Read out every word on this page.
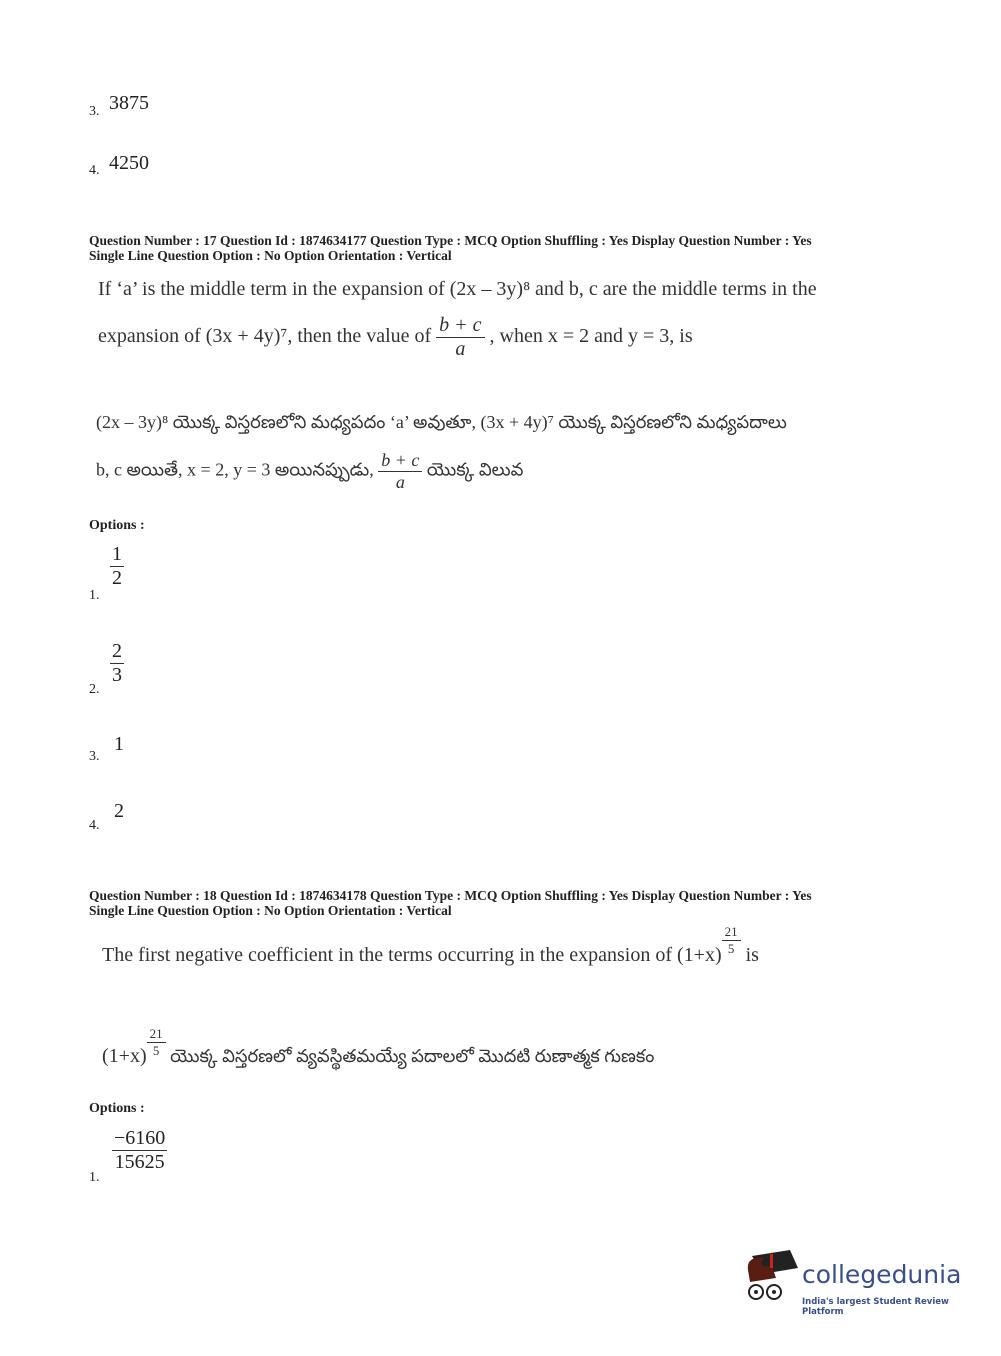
3. 3875
4. 4250
Question Number : 17 Question Id : 1874634177 Question Type : MCQ Option Shuffling : Yes Display Question Number : Yes
Single Line Question Option : No Option Orientation : Vertical
If ‘a’ is the middle term in the expansion of (2x – 3y)⁸ and b, c are the middle terms in the
expansion of (3x + 4y)⁷, then the value of $\frac{b + c}{a}$ , when x = 2 and y = 3, is
(2x – 3y)⁸ యొక్క విస్తరణలోని మధ్యపదం ‘a’ అవుతూ, (3x + 4y)⁷ యొక్క విస్తరణలోని మధ్యపదాలు
b, c అయితే, x = 2, y = 3 అయినప్పుడు, $\frac{b + c}{a}$ యొక్క విలువ
Options :
1.
$\frac{1}{2}$
2.
$\frac{2}{3}$
3.
1
4.
2
Question Number : 18 Question Id : 1874634178 Question Type : MCQ Option Shuffling : Yes Display Question Number : Yes
Single Line Question Option : No Option Orientation : Vertical
The first negative coefficient in the terms occurring in the expansion of $(1+x) \frac{21}{5}$ is
$(1+x) \frac{21}{5}$ యొక్క విస్తరణలో వ్యవస్థితమయ్యే పదాలలో మొదటి రుణాత్మక గుణకం
Options :
1.
$\frac{-6160}{15625}$
collegedunia
India's largest Student Review Platform
